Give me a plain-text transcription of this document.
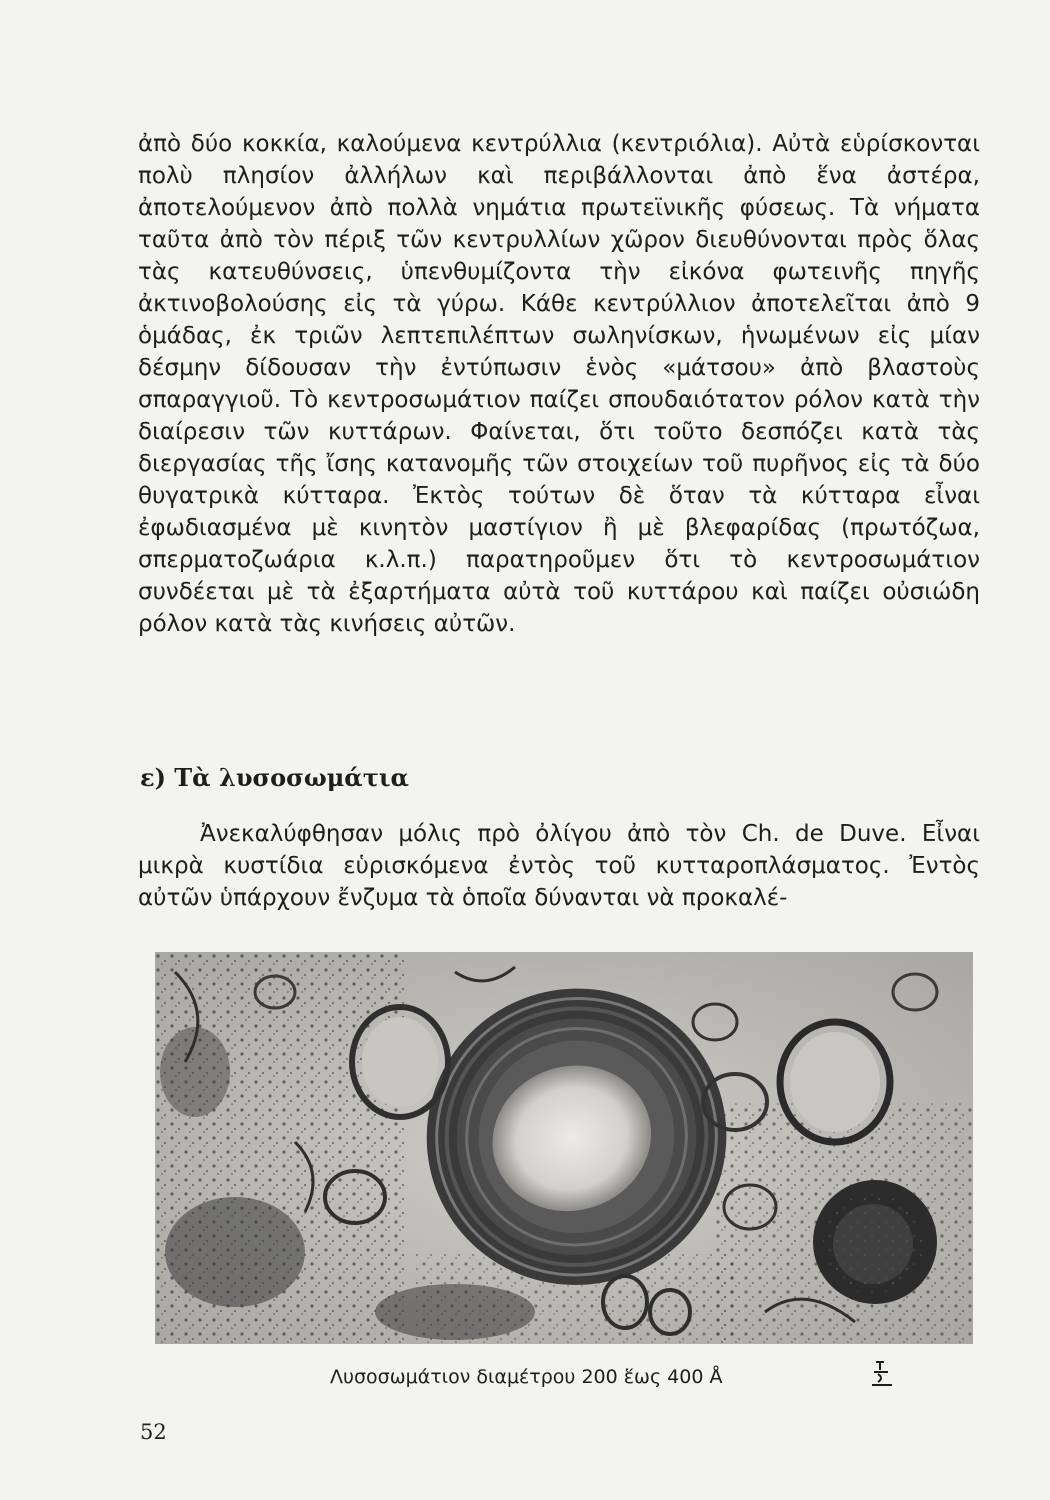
ἀπὸ δύο κοκκία, καλούμενα κεντρύλλια (κεντριόλια). Αὐτὰ εὑρίσκονται πολὺ πλησίον ἀλλήλων καὶ περιβάλλονται ἀπὸ ἕνα ἀστέρα, ἀποτελούμενον ἀπὸ πολλὰ νημάτια πρωτεϊνικῆς φύσεως. Τὰ νήματα ταῦτα ἀπὸ τὸν πέριξ τῶν κεντρυλλίων χῶρον διευθύνονται πρὸς ὅλας τὰς κατευθύνσεις, ὑπενθυμίζοντα τὴν εἰκόνα φωτεινῆς πηγῆς ἀκτινοβολούσης εἰς τὰ γύρω. Κάθε κεντρύλλιον ἀποτελεῖται ἀπὸ 9 ὁμάδας, ἐκ τριῶν λεπτεπιλέπτων σωληνίσκων, ἡνωμένων εἰς μίαν δέσμην δίδουσαν τὴν ἐντύπωσιν ἑνὸς «μάτσου» ἀπὸ βλαστοὺς σπαραγγιοῦ. Τὸ κεντροσωμάτιον παίζει σπουδαιότατον ρόλον κατὰ τὴν διαίρεσιν τῶν κυττάρων. Φαίνεται, ὅτι τοῦτο δεσπόζει κατὰ τὰς διεργασίας τῆς ἴσης κατανομῆς τῶν στοιχείων τοῦ πυρῆνος εἰς τὰ δύο θυγατρικὰ κύτταρα. Ἐκτὸς τούτων δὲ ὅταν τὰ κύτταρα εἶναι ἐφωδιασμένα μὲ κινητὸν μαστίγιον ἢ μὲ βλεφαρίδας (πρωτόζωα, σπερματοζωάρια κ.λ.π.) παρατηροῦμεν ὅτι τὸ κεντροσωμάτιον συνδέεται μὲ τὰ ἐξαρτήματα αὐτὰ τοῦ κυττάρου καὶ παίζει οὐσιώδη ρόλον κατὰ τὰς κινήσεις αὐτῶν.

ε) Τὰ λυσοσωμάτια

Ἀνεκαλύφθησαν μόλις πρὸ ὀλίγου ἀπὸ τὸν Ch. de Duve. Εἶναι μικρὰ κυστίδια εὑρισκόμενα ἐντὸς τοῦ κυτταροπλάσματος. Ἐντὸς αὐτῶν ὑπάρχουν ἔνζυμα τὰ ὁποῖα δύνανται νὰ προκαλέ-

Λυσοσωμάτιον διαμέτρου 200 ἕως 400 Å
52
